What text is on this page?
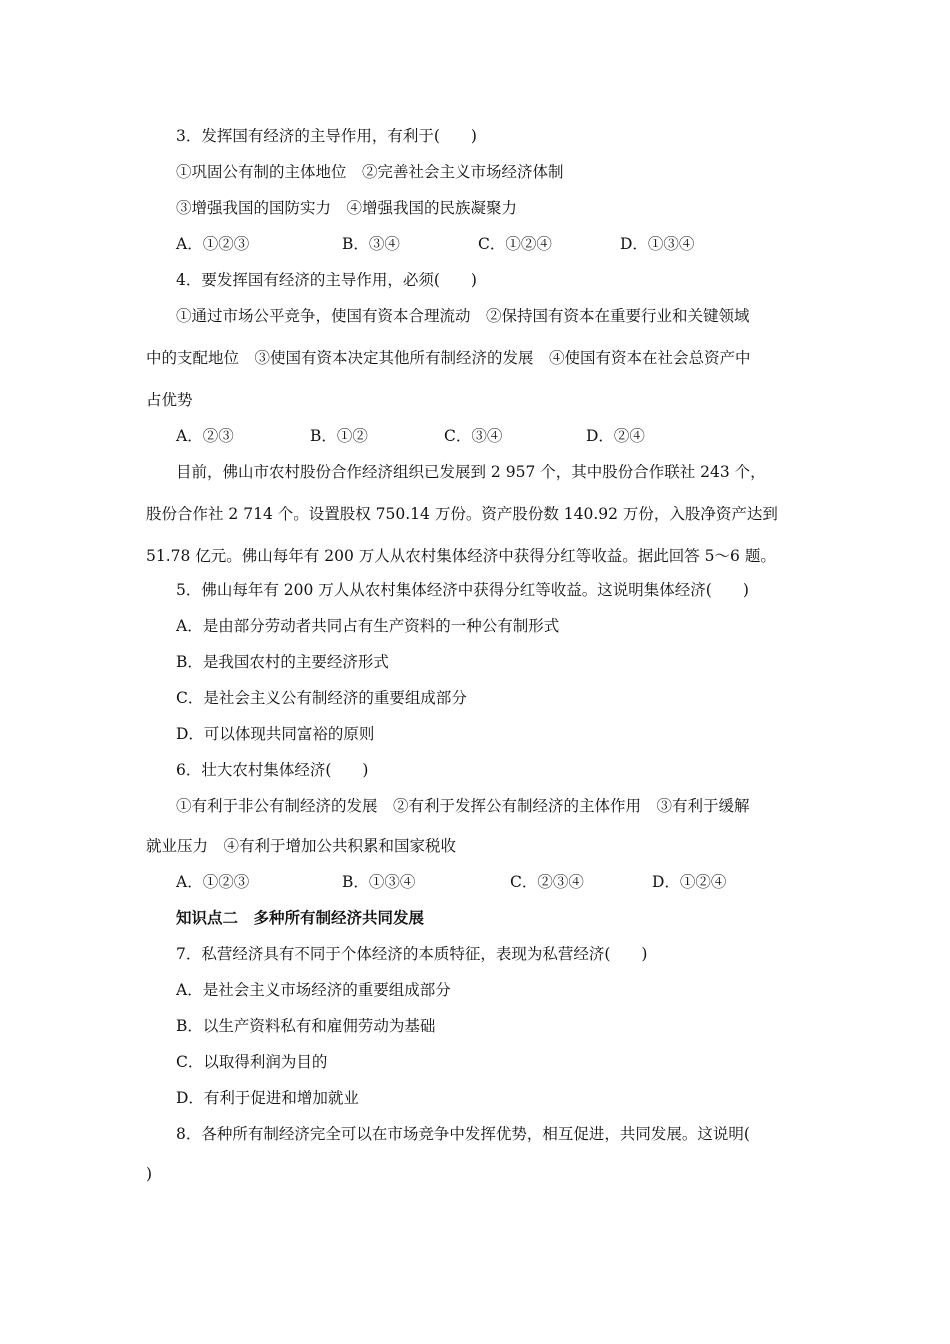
3．发挥国有经济的主导作用，有利于(　　)

①巩固公有制的主体地位　②完善社会主义市场经济体制

③增强我国的国防实力　④增强我国的民族凝聚力

A．①②③	B．③④	C．①②④	D．①③④

4．要发挥国有经济的主导作用，必须(　　)

①通过市场公平竞争，使国有资本合理流动　②保持国有资本在重要行业和关键领域

中的支配地位　③使国有资本决定其他所有制经济的发展　④使国有资本在社会总资产中

占优势

A．②③	B．①②	C．③④	D．②④

目前，佛山市农村股份合作经济组织已发展到 2 957 个，其中股份合作联社 243 个，

股份合作社 2 714 个。设置股权 750.14 万份。资产股份数 140.92 万份，入股净资产达到

51.78 亿元。佛山每年有 200 万人从农村集体经济中获得分红等收益。据此回答 5～6 题。

5．佛山每年有 200 万人从农村集体经济中获得分红等收益。这说明集体经济(　　)

A．是由部分劳动者共同占有生产资料的一种公有制形式

B．是我国农村的主要经济形式

C．是社会主义公有制经济的重要组成部分

D．可以体现共同富裕的原则

6．壮大农村集体经济(　　)

①有利于非公有制经济的发展　②有利于发挥公有制经济的主体作用　③有利于缓解

就业压力　④有利于增加公共积累和国家税收

A．①②③	B．①③④	C．②③④	D．①②④

知识点二　多种所有制经济共同发展

7．私营经济具有不同于个体经济的本质特征，表现为私营经济(　　)

A．是社会主义市场经济的重要组成部分

B．以生产资料私有和雇佣劳动为基础

C．以取得利润为目的

D．有利于促进和增加就业

8．各种所有制经济完全可以在市场竞争中发挥优势，相互促进，共同发展。这说明(

)
